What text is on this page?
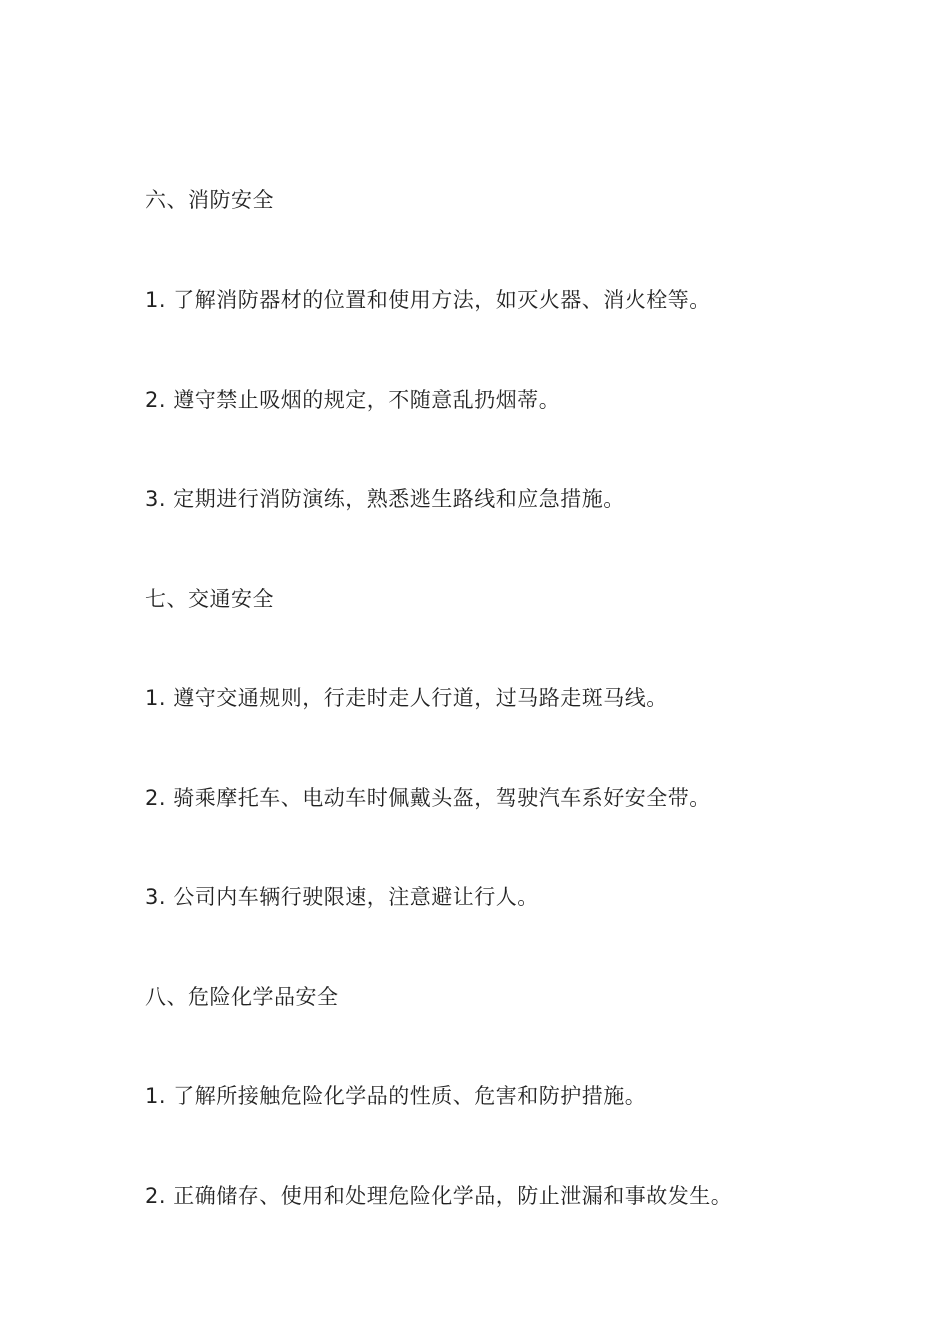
六、消防安全
1. 了解消防器材的位置和使用方法，如灭火器、消火栓等。
2. 遵守禁止吸烟的规定，不随意乱扔烟蒂。
3. 定期进行消防演练，熟悉逃生路线和应急措施。
七、交通安全
1. 遵守交通规则，行走时走人行道，过马路走斑马线。
2. 骑乘摩托车、电动车时佩戴头盔，驾驶汽车系好安全带。
3. 公司内车辆行驶限速，注意避让行人。
八、危险化学品安全
1. 了解所接触危险化学品的性质、危害和防护措施。
2. 正确储存、使用和处理危险化学品，防止泄漏和事故发生。
